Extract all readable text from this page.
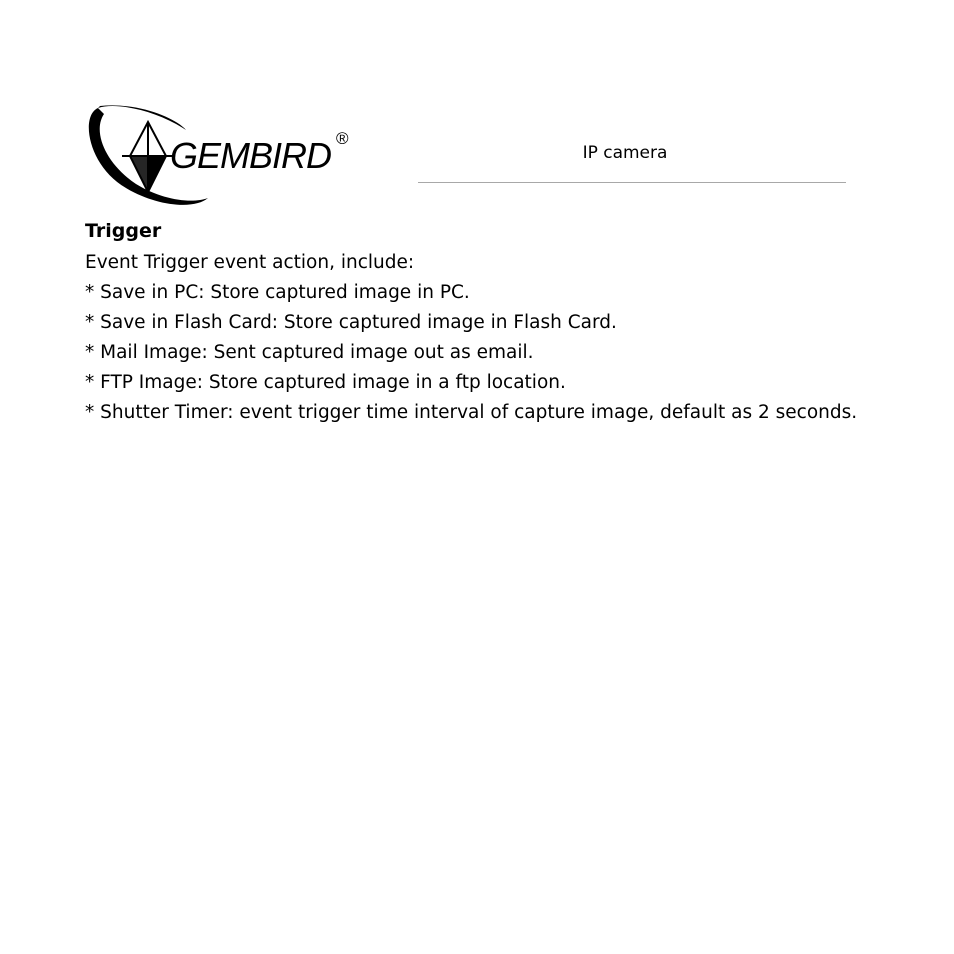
GEMBIRD ®
IP camera
Trigger

Event Trigger event action, include:

* Save in PC: Store captured image in PC.

* Save in Flash Card: Store captured image in Flash Card.

* Mail Image: Sent captured image out as email.

* FTP Image: Store captured image in a ftp location.

* Shutter Timer: event trigger time interval of capture image, default as 2 seconds.
